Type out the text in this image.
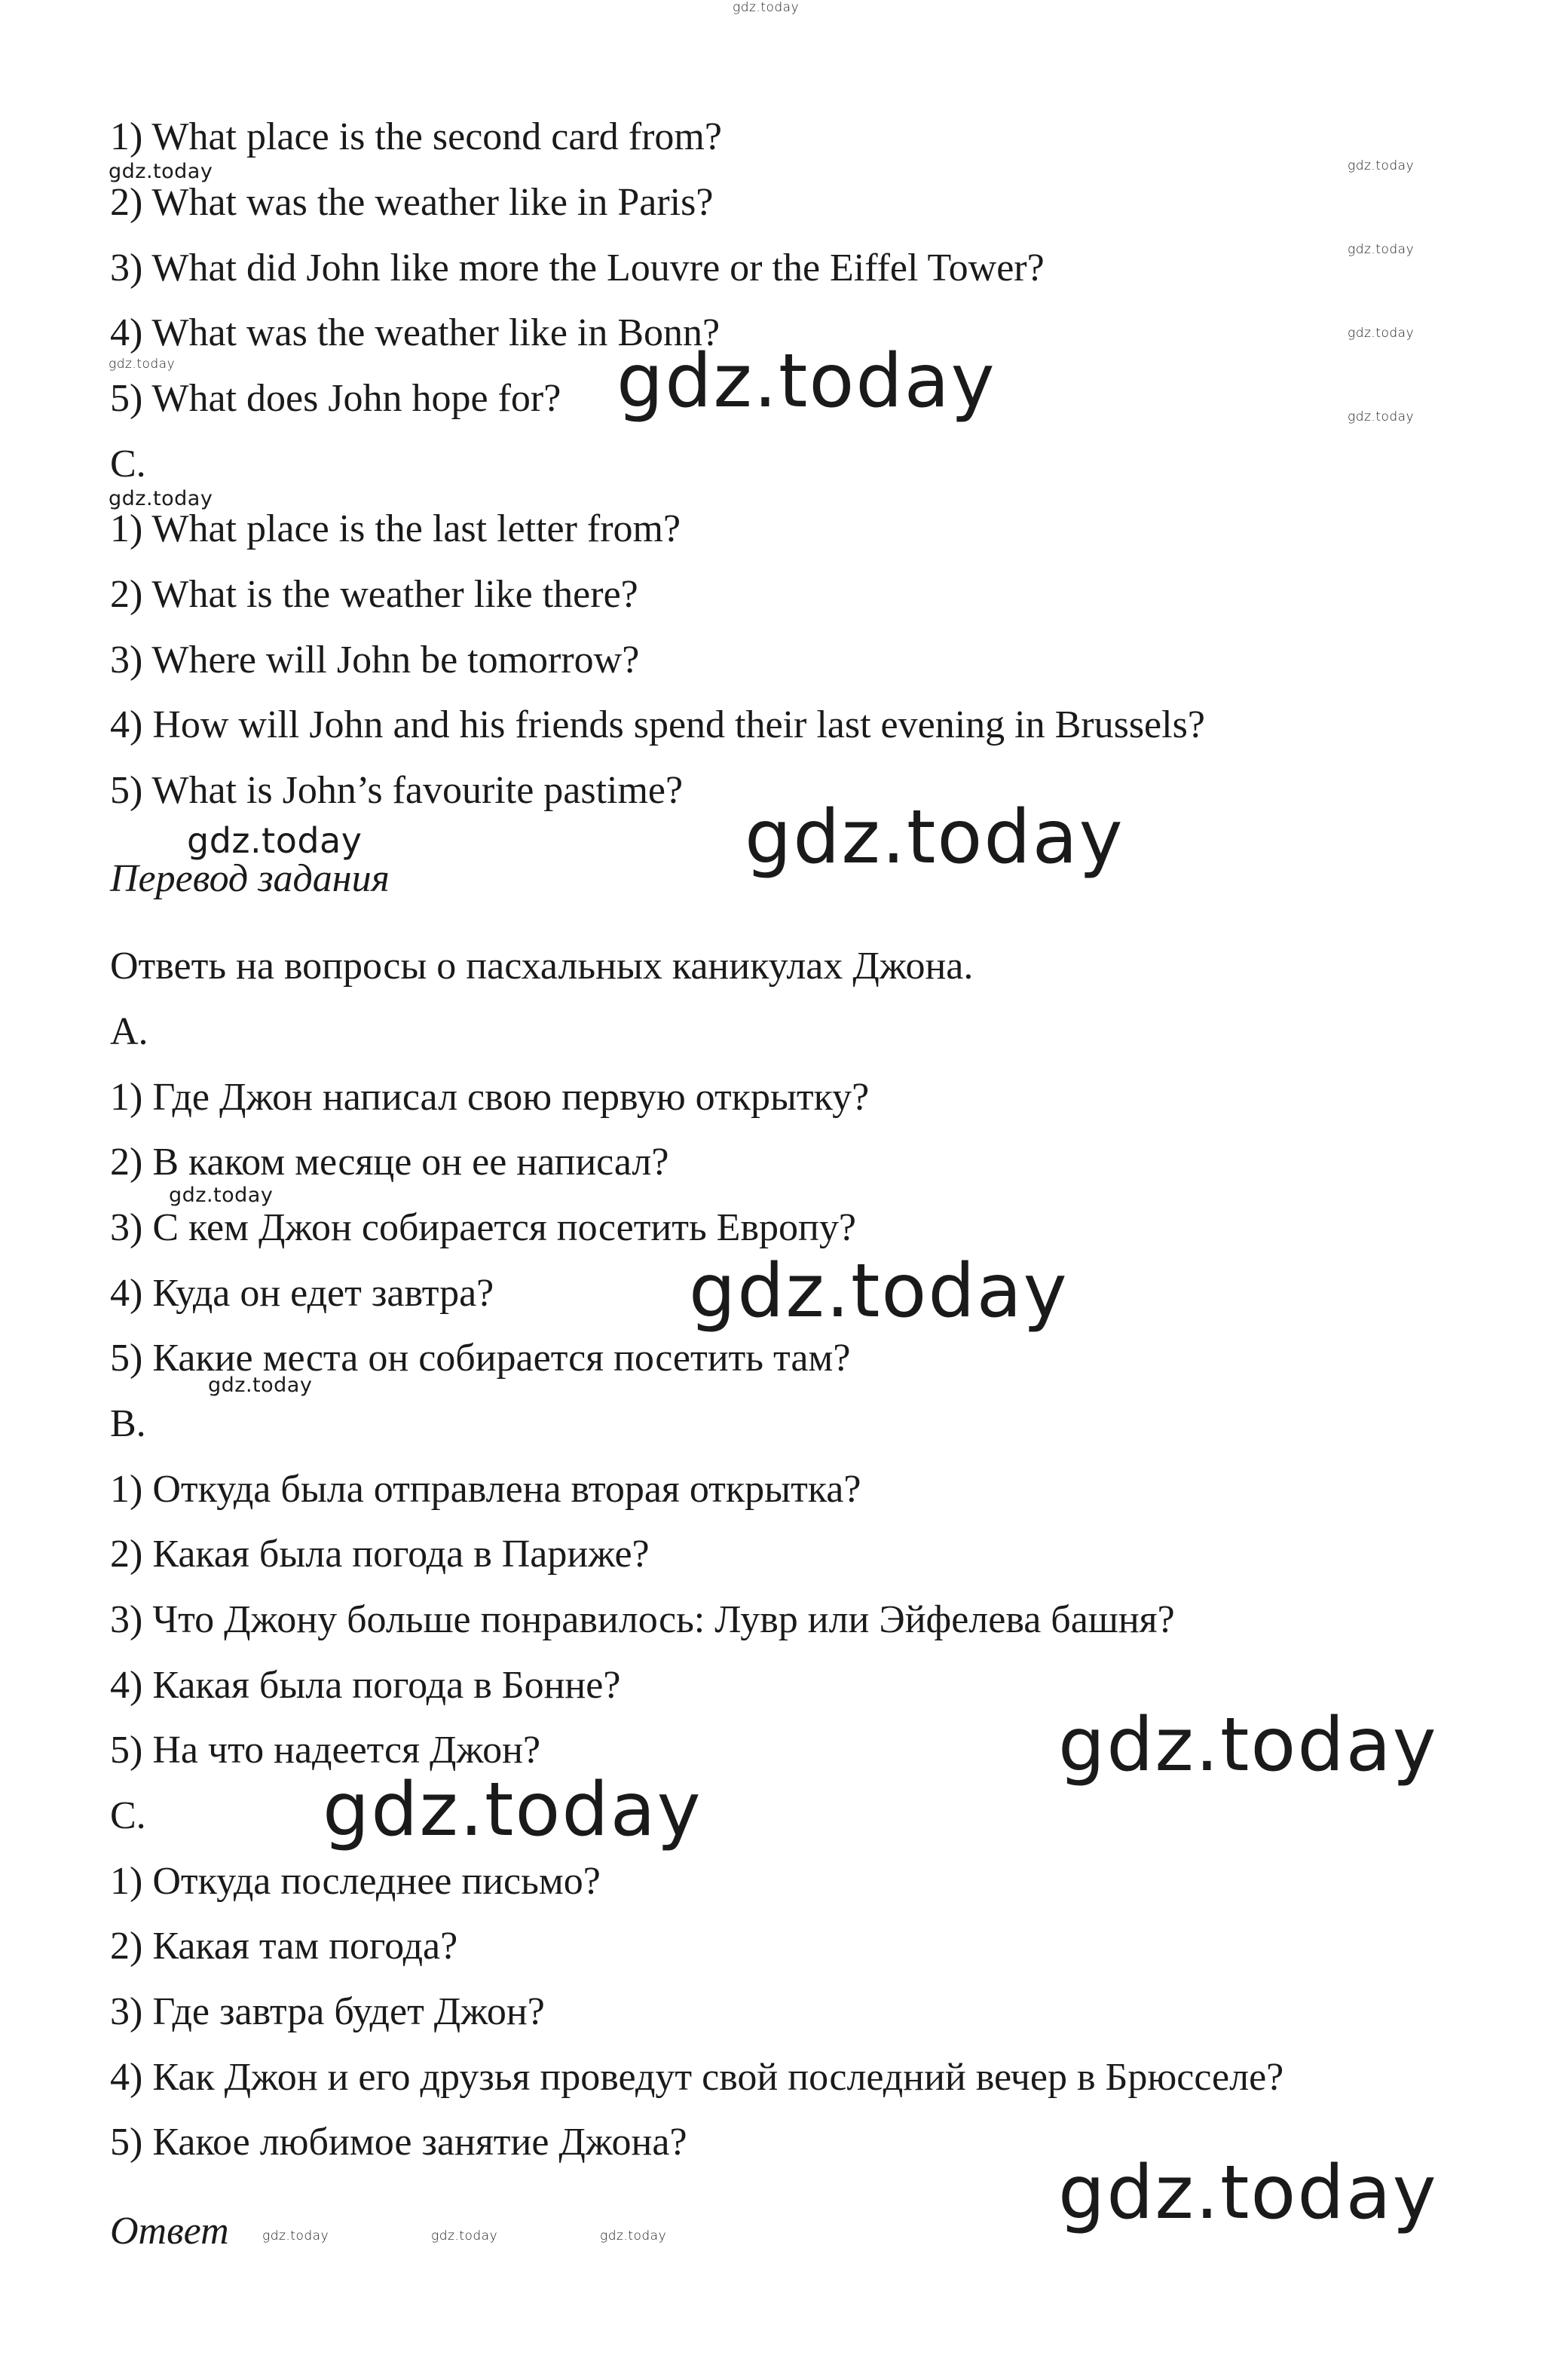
gdz.today
1) What place is the second card from?
2) What was the weather like in Paris?
3) What did John like more the Louvre or the Eiffel Tower?
4) What was the weather like in Bonn?
5) What does John hope for?
C.
1) What place is the last letter from?
2) What is the weather like there?
3) Where will John be tomorrow?
4) How will John and his friends spend their last evening in Brussels?
5) What is John’s favourite pastime?
Перевод задания
Ответь на вопросы о пасхальных каникулах Джона.
A.
1) Где Джон написал свою первую открытку?
2) В каком месяце он ее написал?
3) С кем Джон собирается посетить Европу?
4) Куда он едет завтра?
5) Какие места он собирается посетить там?
B.
1) Откуда была отправлена вторая открытка?
2) Какая была погода в Париже?
3) Что Джону больше понравилось: Лувр или Эйфелева башня?
4) Какая была погода в Бонне?
5) На что надеется Джон?
C.
1) Откуда последнее письмо?
2) Какая там погода?
3) Где завтра будет Джон?
4) Как Джон и его друзья проведут свой последний вечер в Брюсселе?
5) Какое любимое занятие Джона?
Ответ
gdz.today
gdz.today
gdz.today
gdz.today
gdz.today
gdz.today
gdz.today
gdz.today
gdz.today	gdz.today
gdz.today
gdz.today
gdz.today
gdz.today
gdz.today
gdz.today
gdz.today	gdz.today	gdz.today
